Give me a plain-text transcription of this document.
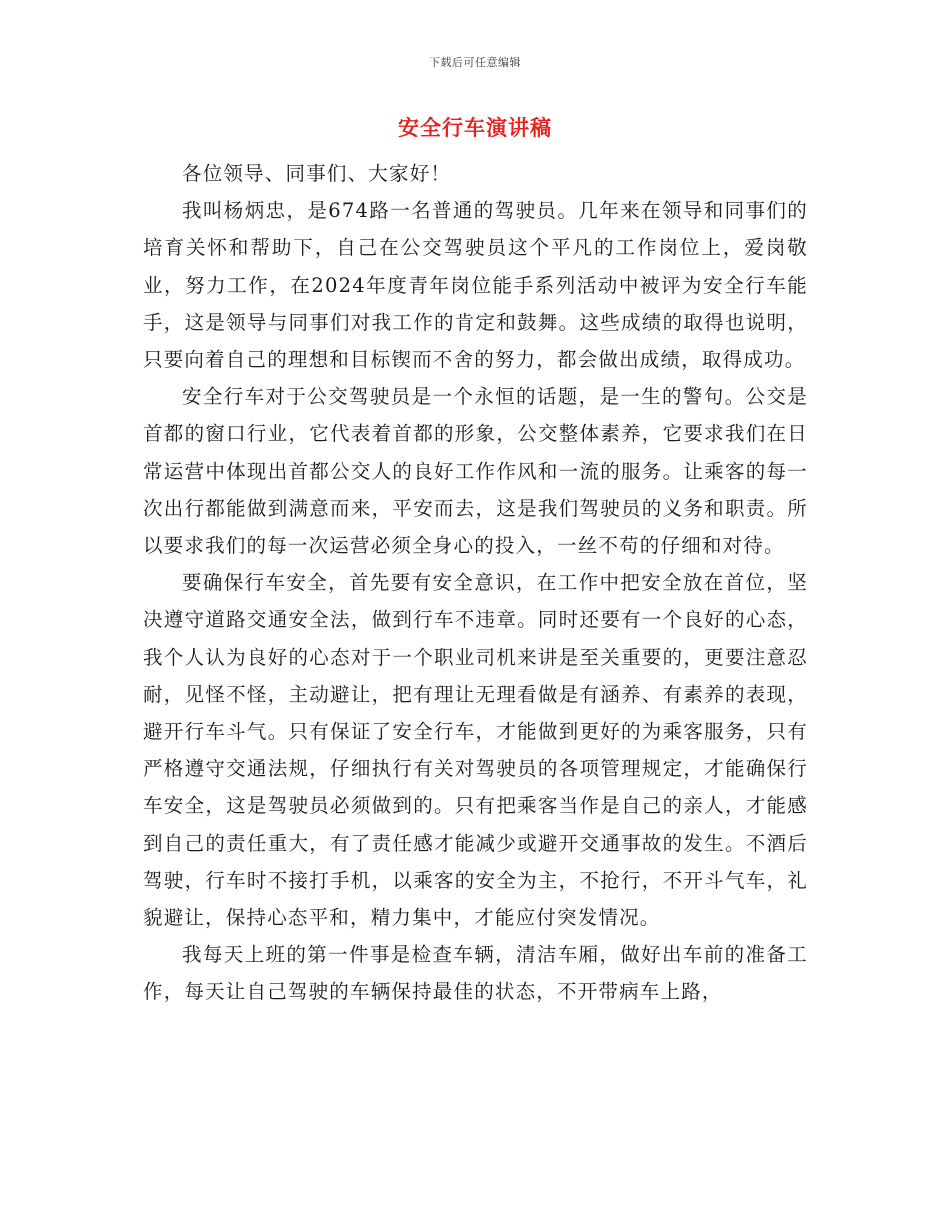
下载后可任意编辑
安全行车演讲稿

各位领导、同事们、大家好！

我叫杨炳忠，是674路一名普通的驾驶员。几年来在领导和同事们的培育关怀和帮助下，自己在公交驾驶员这个平凡的工作岗位上，爱岗敬业，努力工作，在2024年度青年岗位能手系列活动中被评为安全行车能手，这是领导与同事们对我工作的肯定和鼓舞。这些成绩的取得也说明，只要向着自己的理想和目标锲而不舍的努力，都会做出成绩，取得成功。

安全行车对于公交驾驶员是一个永恒的话题，是一生的警句。公交是首都的窗口行业，它代表着首都的形象，公交整体素养，它要求我们在日常运营中体现出首都公交人的良好工作作风和一流的服务。让乘客的每一次出行都能做到满意而来，平安而去，这是我们驾驶员的义务和职责。所以要求我们的每一次运营必须全身心的投入，一丝不苟的仔细和对待。

要确保行车安全，首先要有安全意识，在工作中把安全放在首位，坚决遵守道路交通安全法，做到行车不违章。同时还要有一个良好的心态，我个人认为良好的心态对于一个职业司机来讲是至关重要的，更要注意忍耐，见怪不怪，主动避让，把有理让无理看做是有涵养、有素养的表现，避开行车斗气。只有保证了安全行车，才能做到更好的为乘客服务，只有严格遵守交通法规，仔细执行有关对驾驶员的各项管理规定，才能确保行车安全，这是驾驶员必须做到的。只有把乘客当作是自己的亲人，才能感到自己的责任重大，有了责任感才能减少或避开交通事故的发生。不酒后驾驶，行车时不接打手机，以乘客的安全为主，不抢行，不开斗气车，礼貌避让，保持心态平和，精力集中，才能应付突发情况。

我每天上班的第一件事是检查车辆，清洁车厢，做好出车前的准备工作，每天让自己驾驶的车辆保持最佳的状态，不开带病车上路，
